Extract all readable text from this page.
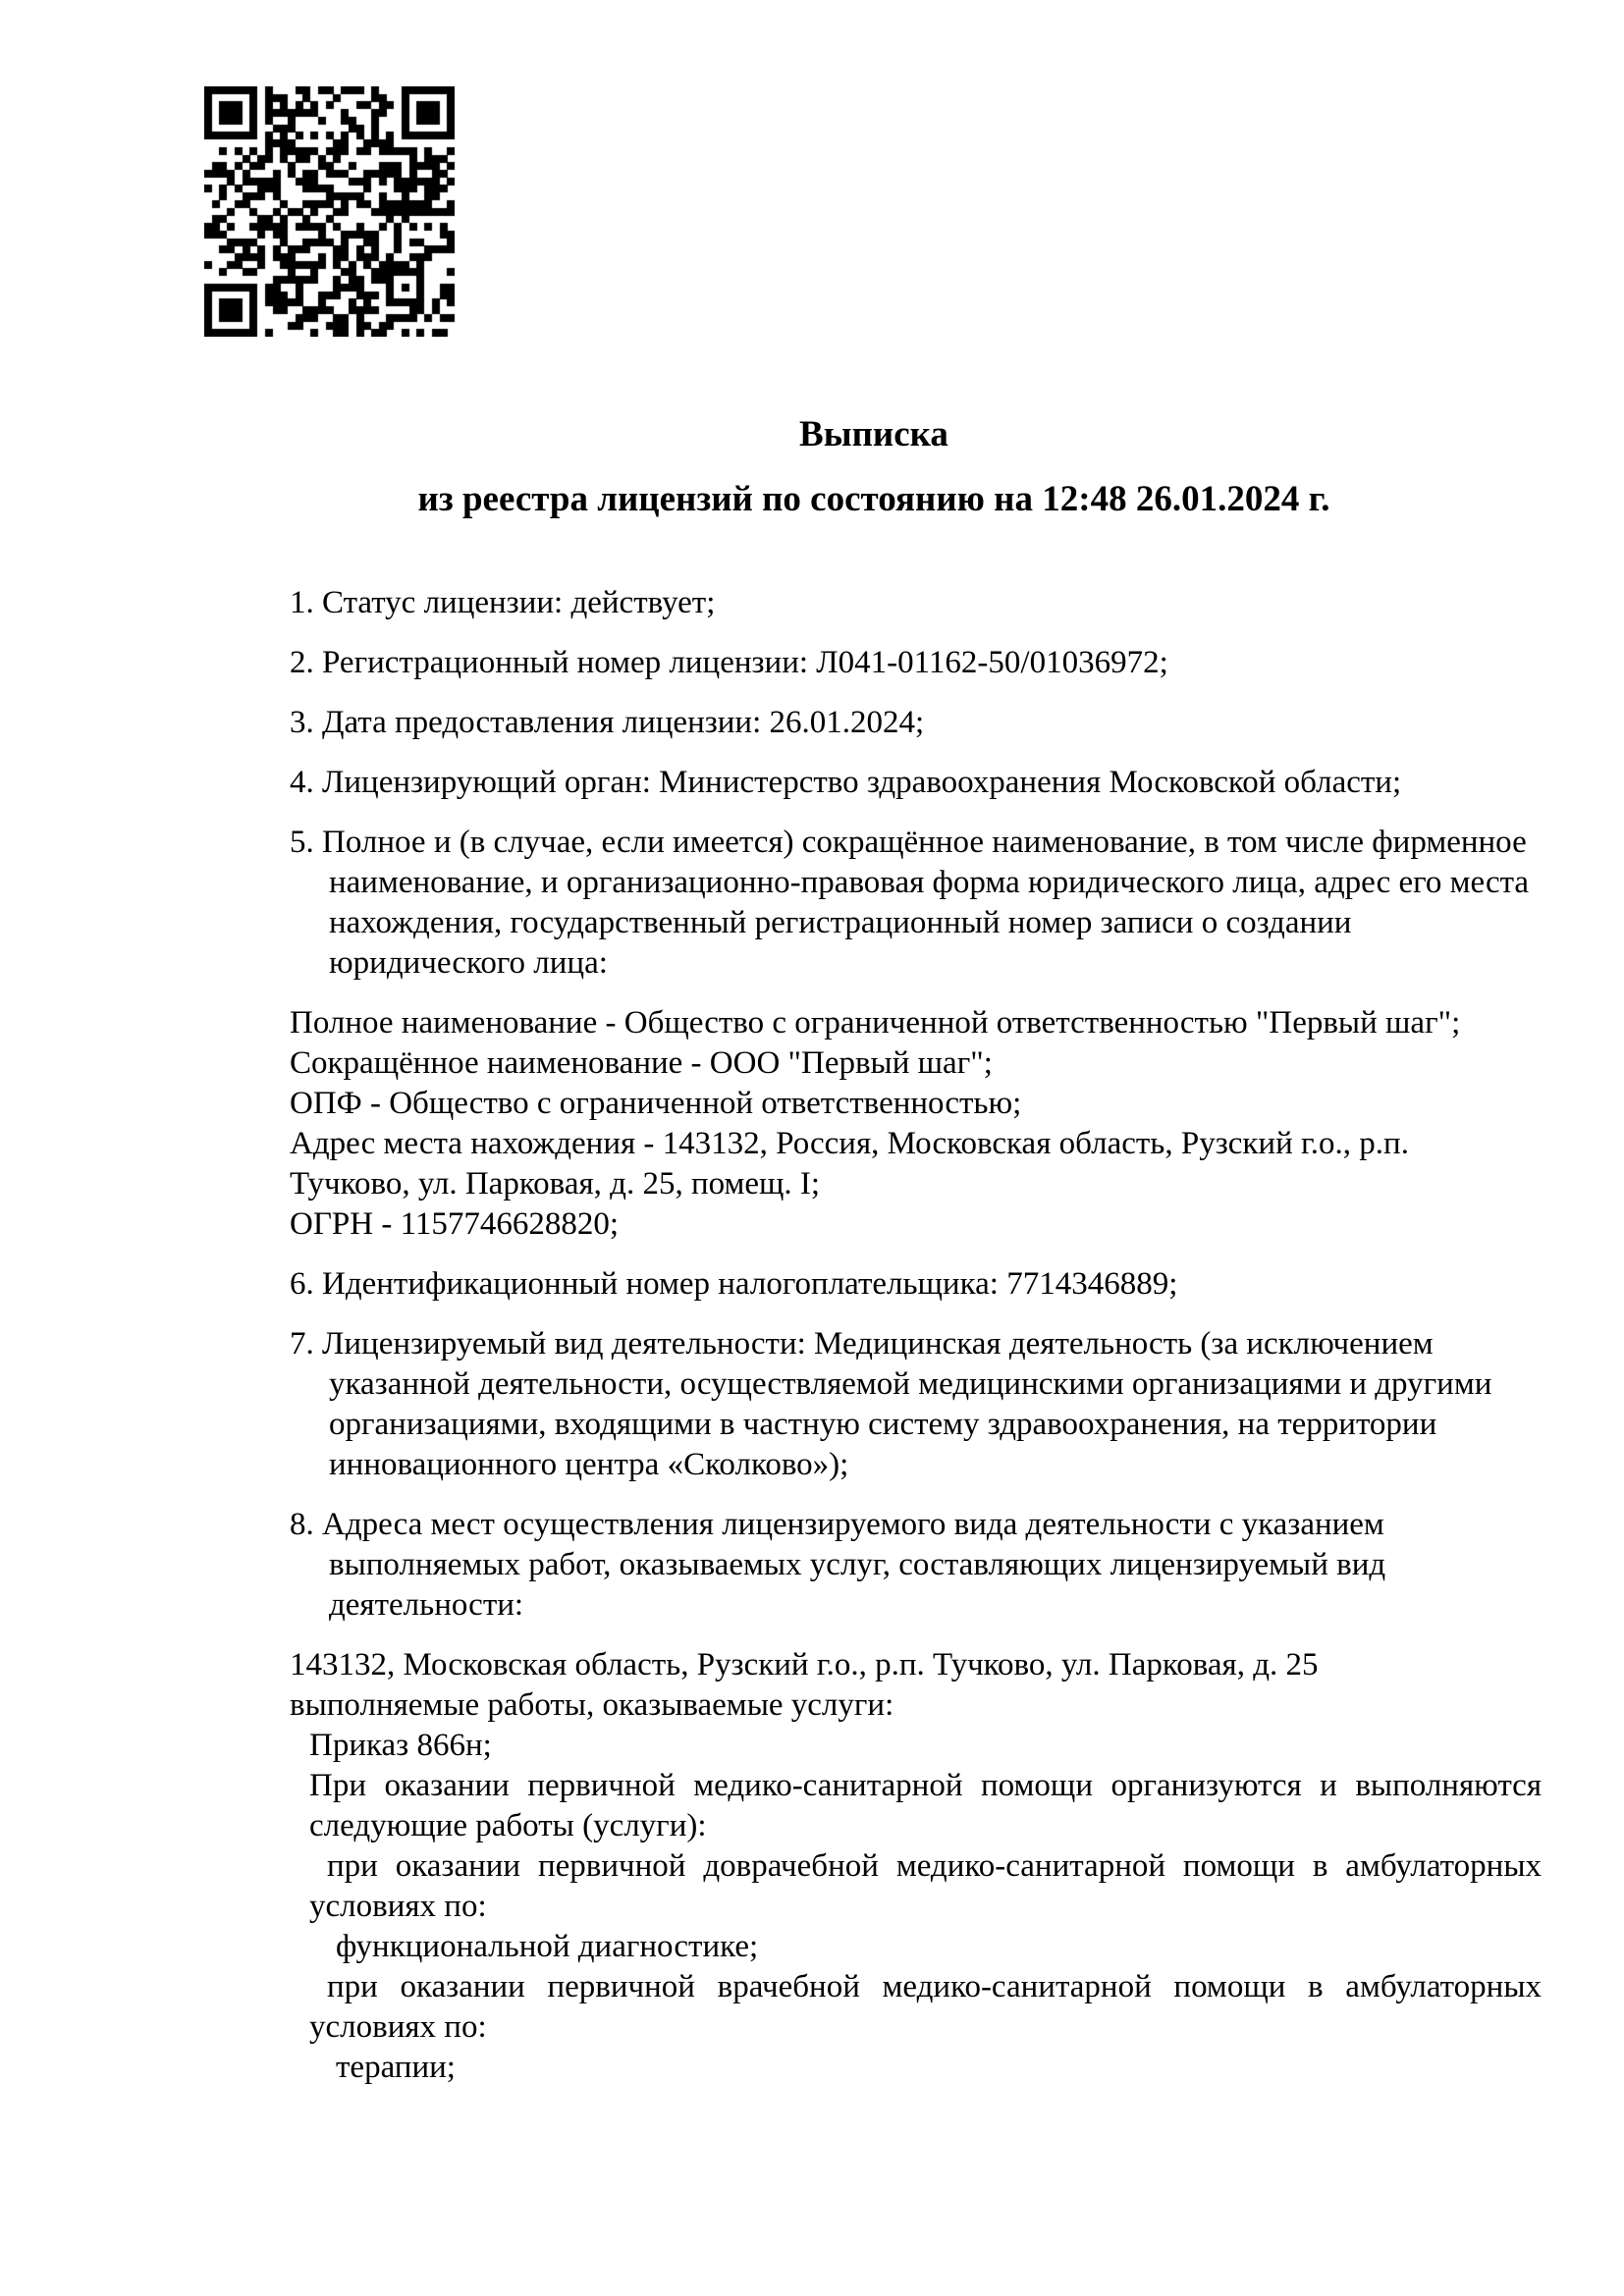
Выписка
из реестра лицензий по состоянию на 12:48 26.01.2024 г.
1. Статус лицензии: действует;
2. Регистрационный номер лицензии: Л041-01162-50/01036972;
3. Дата предоставления лицензии: 26.01.2024;
4. Лицензирующий орган: Министерство здравоохранения Московской области;
5. Полное и (в случае, если имеется) сокращённое наименование, в том числе фирменное
наименование, и организационно-правовая форма юридического лица, адрес его места
нахождения, государственный регистрационный номер записи о создании
юридического лица:
Полное наименование - Общество с ограниченной ответственностью "Первый шаг";
Сокращённое наименование - ООО "Первый шаг";
ОПФ - Общество с ограниченной ответственностью;
Адрес места нахождения - 143132, Россия, Московская область, Рузский г.о., р.п.
Тучково, ул. Парковая, д. 25, помещ. I;
ОГРН - 1157746628820;
6. Идентификационный номер налогоплательщика: 7714346889;
7. Лицензируемый вид деятельности: Медицинская деятельность (за исключением
указанной деятельности, осуществляемой медицинскими организациями и другими
организациями, входящими в частную систему здравоохранения, на территории
инновационного центра «Сколково»);
8. Адреса мест осуществления лицензируемого вида деятельности с указанием
выполняемых работ, оказываемых услуг, составляющих лицензируемый вид
деятельности:
143132, Московская область, Рузский г.о., р.п. Тучково, ул. Парковая, д. 25
выполняемые работы, оказываемые услуги:
Приказ 866н;
При оказании первичной медико-санитарной помощи организуются и выполняются
следующие работы (услуги):
при оказании первичной доврачебной медико-санитарной помощи в амбулаторных
условиях по:
функциональной диагностике;
при оказании первичной врачебной медико-санитарной помощи в амбулаторных
условиях по:
терапии;
